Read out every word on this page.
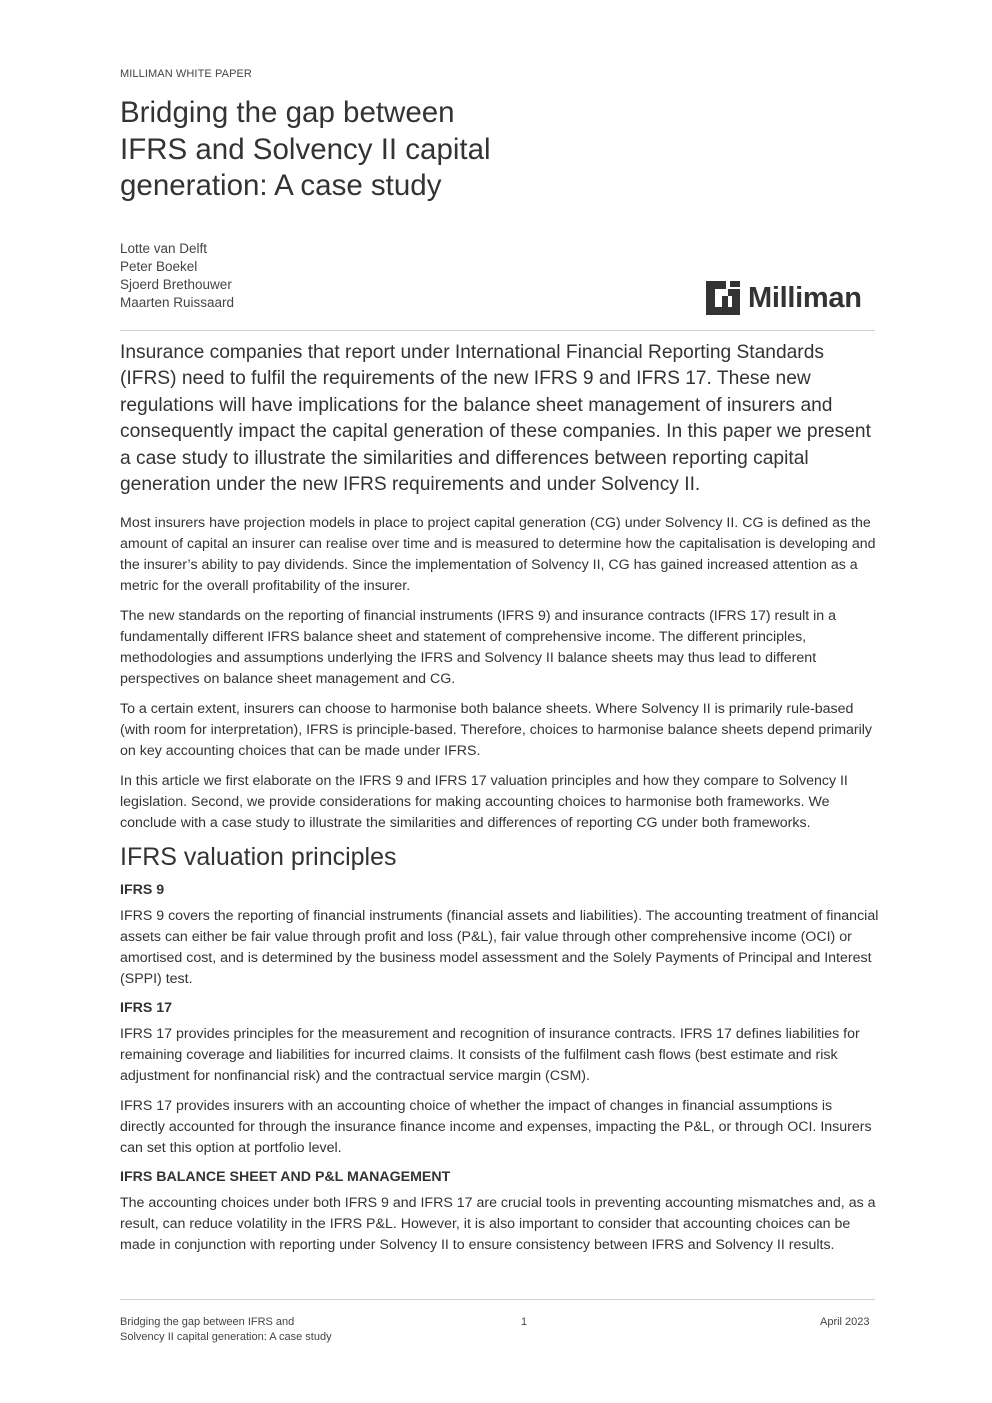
MILLIMAN WHITE PAPER
Bridging the gap between
IFRS and Solvency II capital
generation: A case study
Lotte van Delft
Peter Boekel
Sjoerd Brethouwer
Maarten Ruissaard	Milliman

Insurance companies that report under International Financial Reporting Standards (IFRS) need to fulfil the requirements of the new IFRS 9 and IFRS 17. These new regulations will have implications for the balance sheet management of insurers and consequently impact the capital generation of these companies. In this paper we present a case study to illustrate the similarities and differences between reporting capital generation under the new IFRS requirements and under Solvency II.

Most insurers have projection models in place to project capital generation (CG) under Solvency II. CG is defined as the amount of capital an insurer can realise over time and is measured to determine how the capitalisation is developing and the insurer’s ability to pay dividends. Since the implementation of Solvency II, CG has gained increased attention as a metric for the overall profitability of the insurer.

The new standards on the reporting of financial instruments (IFRS 9) and insurance contracts (IFRS 17) result in a fundamentally different IFRS balance sheet and statement of comprehensive income. The different principles, methodologies and assumptions underlying the IFRS and Solvency II balance sheets may thus lead to different perspectives on balance sheet management and CG.

To a certain extent, insurers can choose to harmonise both balance sheets. Where Solvency II is primarily rule-based (with room for interpretation), IFRS is principle-based. Therefore, choices to harmonise balance sheets depend primarily on key accounting choices that can be made under IFRS.

In this article we first elaborate on the IFRS 9 and IFRS 17 valuation principles and how they compare to Solvency II legislation. Second, we provide considerations for making accounting choices to harmonise both frameworks. We conclude with a case study to illustrate the similarities and differences of reporting CG under both frameworks.

IFRS valuation principles
IFRS 9

IFRS 9 covers the reporting of financial instruments (financial assets and liabilities). The accounting treatment of financial assets can either be fair value through profit and loss (P&L), fair value through other comprehensive income (OCI) or amortised cost, and is determined by the business model assessment and the Solely Payments of Principal and Interest (SPPI) test.

IFRS 17

IFRS 17 provides principles for the measurement and recognition of insurance contracts. IFRS 17 defines liabilities for remaining coverage and liabilities for incurred claims. It consists of the fulfilment cash flows (best estimate and risk adjustment for nonfinancial risk) and the contractual service margin (CSM).

IFRS 17 provides insurers with an accounting choice of whether the impact of changes in financial assumptions is directly accounted for through the insurance finance income and expenses, impacting the P&L, or through OCI. Insurers can set this option at portfolio level.

IFRS BALANCE SHEET AND P&L MANAGEMENT

The accounting choices under both IFRS 9 and IFRS 17 are crucial tools in preventing accounting mismatches and, as a result, can reduce volatility in the IFRS P&L. However, it is also important to consider that accounting choices can be made in conjunction with reporting under Solvency II to ensure consistency between IFRS and Solvency II results.

Bridging the gap between IFRS and
Solvency II capital generation: A case study
1	April 2023
